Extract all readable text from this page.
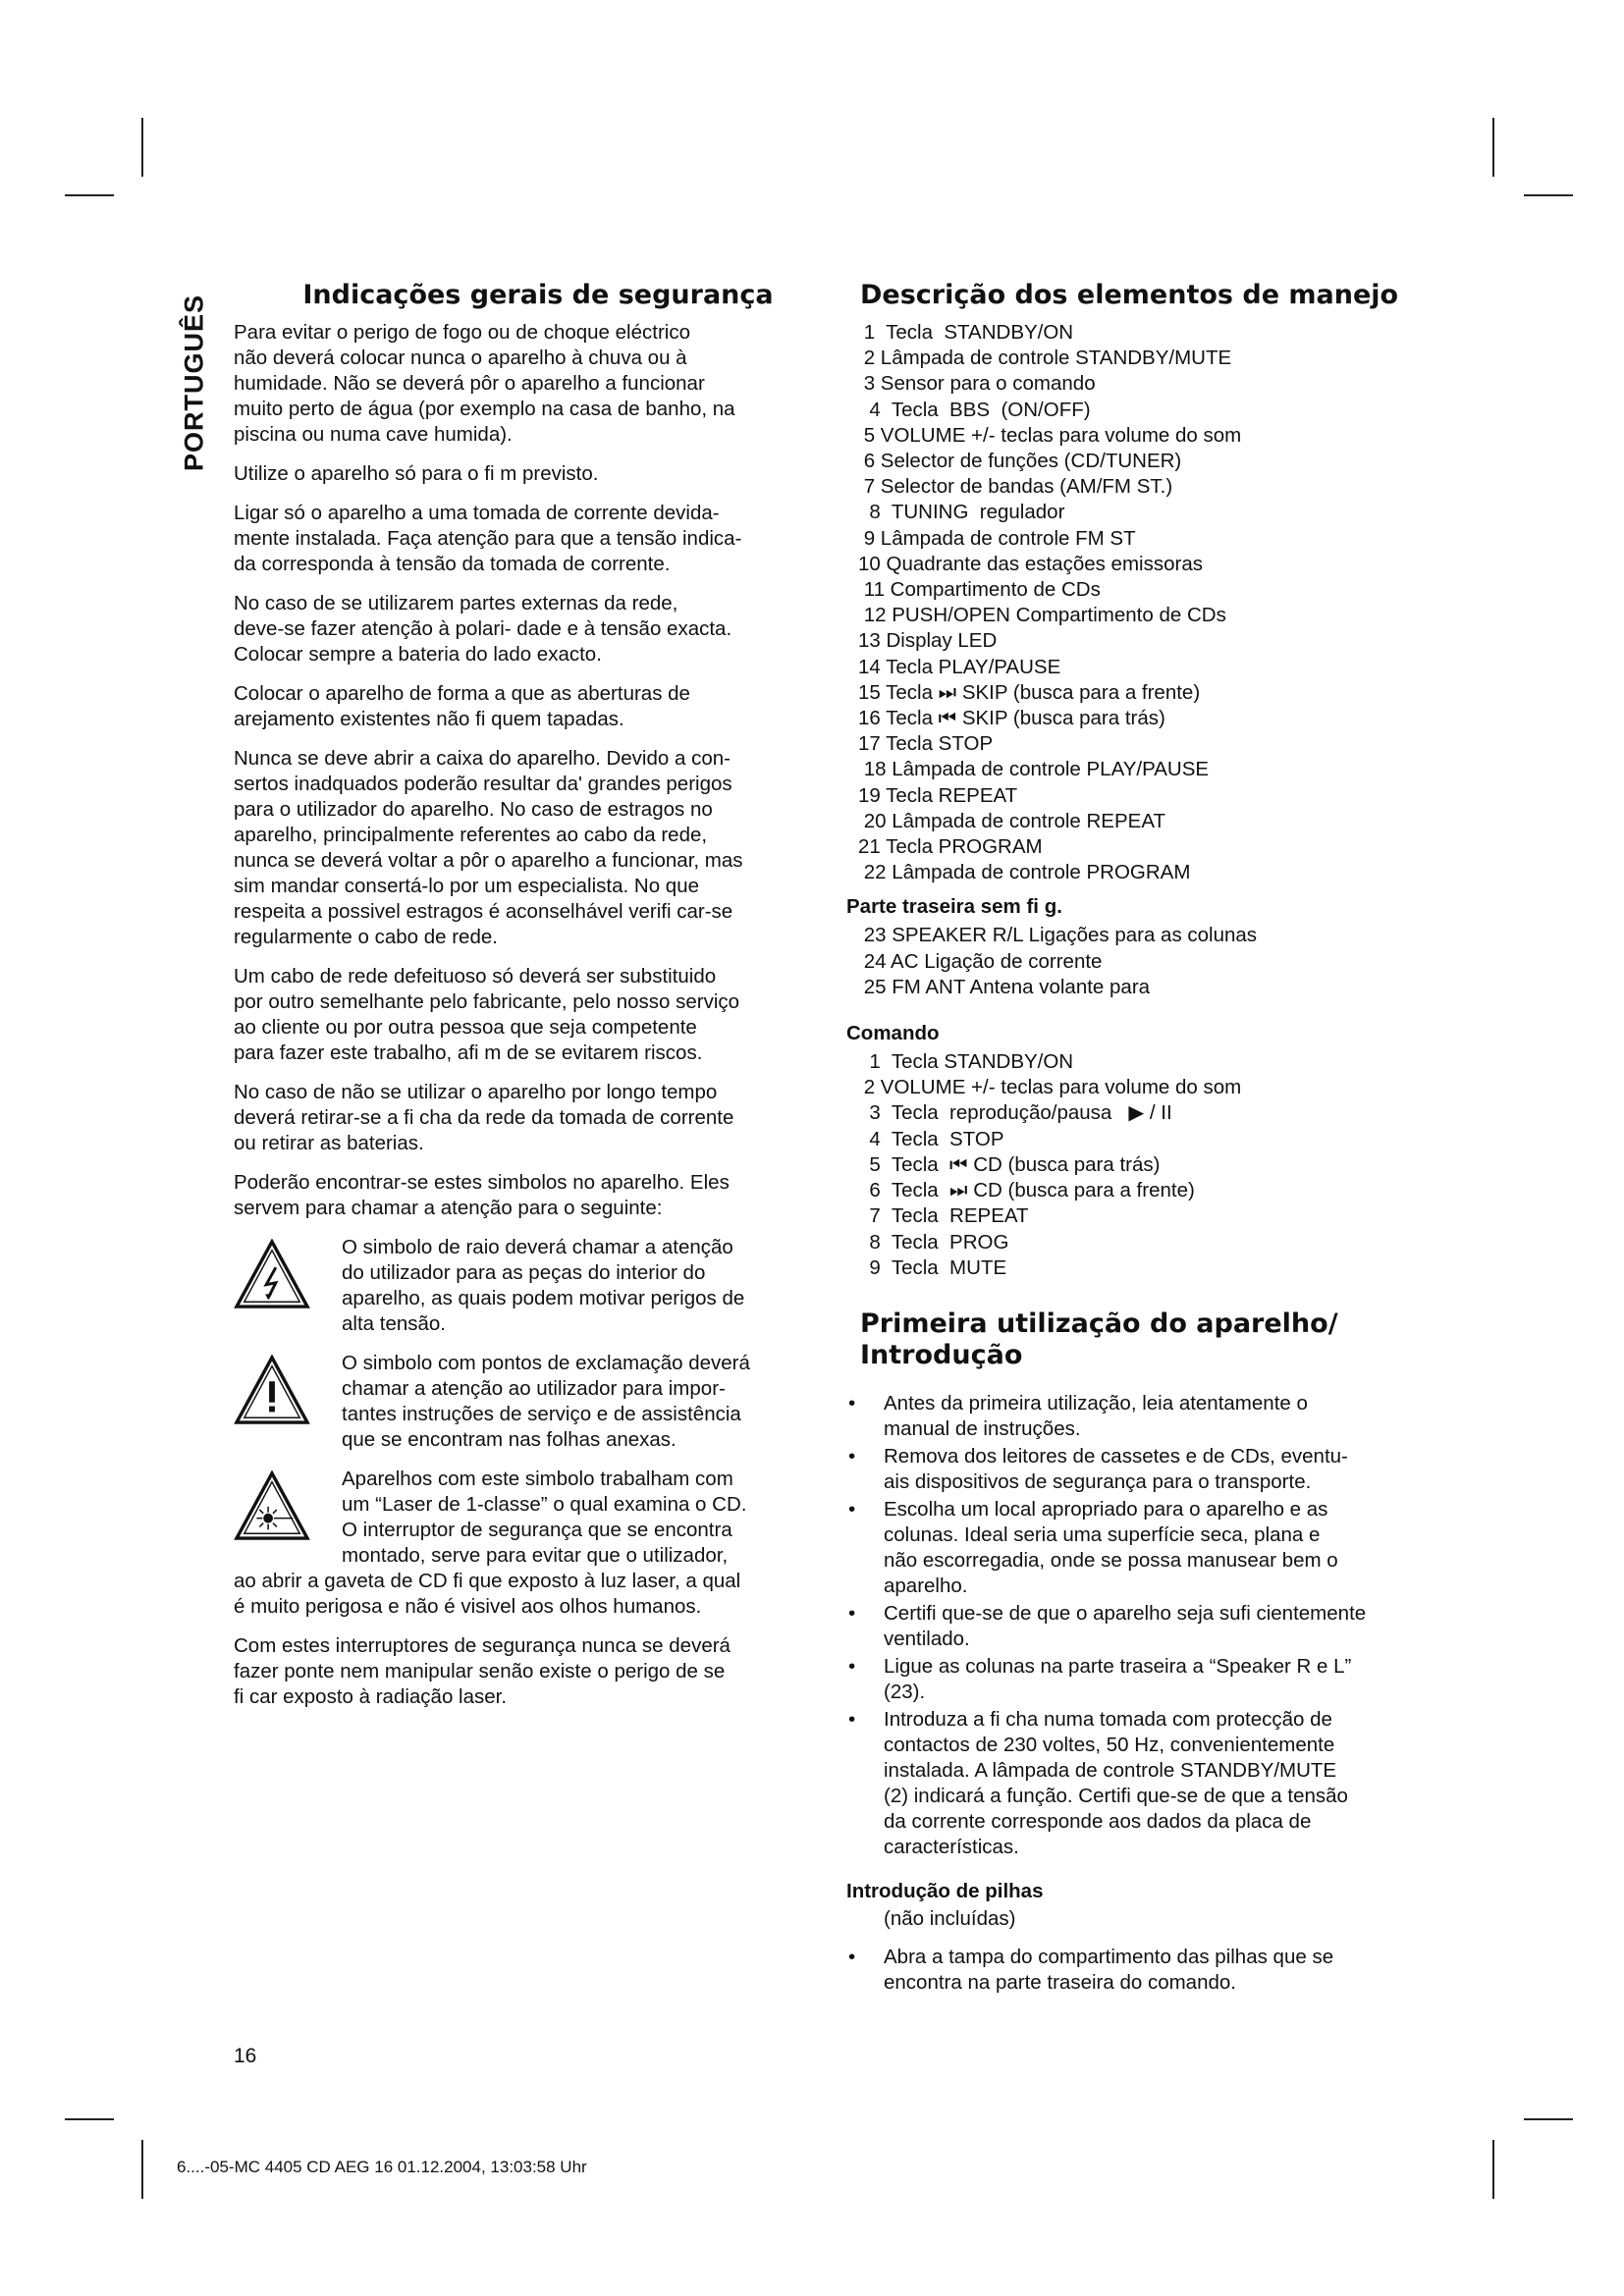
PORTUGUÊS	Indicações gerais de segurança

Para evitar o perigo de fogo ou de choque eléctrico
não deverá colocar nunca o aparelho à chuva ou à
humidade. Não se deverá pôr o aparelho a funcionar
muito perto de água (por exemplo na casa de banho, na
piscina ou numa cave humida).

Utilize o aparelho só para o fi m previsto.

Ligar só o aparelho a uma tomada de corrente devida-
mente instalada. Faça atenção para que a tensão indica-
da corresponda à tensão da tomada de corrente.

No caso de se utilizarem partes externas da rede,
deve-se fazer atenção à polari- dade e à tensão exacta.
Colocar sempre a bateria do lado exacto.

Colocar o aparelho de forma a que as aberturas de
arejamento existentes não fi quem tapadas.

Nunca se deve abrir a caixa do aparelho. Devido a con-
sertos inadquados poderão resultar da' grandes perigos
para o utilizador do aparelho. No caso de estragos no
aparelho, principalmente referentes ao cabo da rede,
nunca se deverá voltar a pôr o aparelho a funcionar, mas
sim mandar consertá-lo por um especialista. No que
respeita a possivel estragos é aconselhável verifi car-se
regularmente o cabo de rede.

Um cabo de rede defeituoso só deverá ser substituido
por outro semelhante pelo fabricante, pelo nosso serviço
ao cliente ou por outra pessoa que seja competente
para fazer este trabalho, afi m de se evitarem riscos.

No caso de não se utilizar o aparelho por longo tempo
deverá retirar-se a fi cha da rede da tomada de corrente
ou retirar as baterias.

Poderão encontrar-se estes simbolos no aparelho. Eles
servem para chamar a atenção para o seguinte:

O simbolo de raio deverá chamar a atenção
do utilizador para as peças do interior do
aparelho, as quais podem motivar perigos de
alta tensão.
O simbolo com pontos de exclamação deverá
chamar a atenção ao utilizador para impor-
tantes instruções de serviço e de assistência
que se encontram nas folhas anexas.
Aparelhos com este simbolo trabalham com
um “Laser de 1-classe” o qual examina o CD.
O interruptor de segurança que se encontra
montado, serve para evitar que o utilizador,
ao abrir a gaveta de CD fi que exposto à luz laser, a qual
é muito perigosa e não é visivel aos olhos humanos.

Com estes interruptores de segurança nunca se deverá
fazer ponte nem manipular senão existe o perigo de se
fi car exposto à radiação laser.

Descrição dos elementos de manejo
1  Tecla  STANDBY/ON
2 Lâmpada de controle STANDBY/MUTE
3 Sensor para o comando
4  Tecla  BBS  (ON/OFF)
5 VOLUME +/- teclas para volume do som
6 Selector de funções (CD/TUNER)
7 Selector de bandas (AM/FM ST.)
8  TUNING  regulador
9 Lâmpada de controle FM ST
10 Quadrante das estações emissoras
11 Compartimento de CDs
12 PUSH/OPEN Compartimento de CDs
13 Display LED
14 Tecla PLAY/PAUSE
15 Tecla ⏭ SKIP (busca para a frente)
16 Tecla ⏮ SKIP (busca para trás)
17 Tecla STOP
18 Lâmpada de controle PLAY/PAUSE
19 Tecla REPEAT
20 Lâmpada de controle REPEAT
21 Tecla PROGRAM
22 Lâmpada de controle PROGRAM
Parte traseira sem fi g.
23 SPEAKER R/L Ligações para as colunas
24 AC Ligação de corrente
25 FM ANT Antena volante para
Comando
1  Tecla STANDBY/ON
2 VOLUME +/- teclas para volume do som
3  Tecla  reprodução/pausa   ▶ / II
4  Tecla  STOP
5  Tecla  ⏮ CD (busca para trás)
6  Tecla  ⏭ CD (busca para a frente)
7  Tecla  REPEAT
8  Tecla  PROG
9  Tecla  MUTE
Primeira utilização do aparelho/
Introdução
• Antes da primeira utilização, leia atentamente o
manual de instruções.
• Remova dos leitores de cassetes e de CDs, eventu-
ais dispositivos de segurança para o transporte.
• Escolha um local apropriado para o aparelho e as
colunas. Ideal seria uma superfície seca, plana e
não escorregadia, onde se possa manusear bem o
aparelho.
• Certifi que-se de que o aparelho seja sufi cientemente
ventilado.
• Ligue as colunas na parte traseira a “Speaker R e L”
(23).
• Introduza a fi cha numa tomada com protecção de
contactos de 230 voltes, 50 Hz, convenientemente
instalada. A lâmpada de controle STANDBY/MUTE
(2) indicará a função. Certifi que-se de que a tensão
da corrente corresponde aos dados da placa de
características.
Introdução de pilhas
(não incluídas)
• Abra a tampa do compartimento das pilhas que se
encontra na parte traseira do comando.
16
6....-05-MC 4405 CD AEG 16 01.12.2004, 13:03:58 Uhr
